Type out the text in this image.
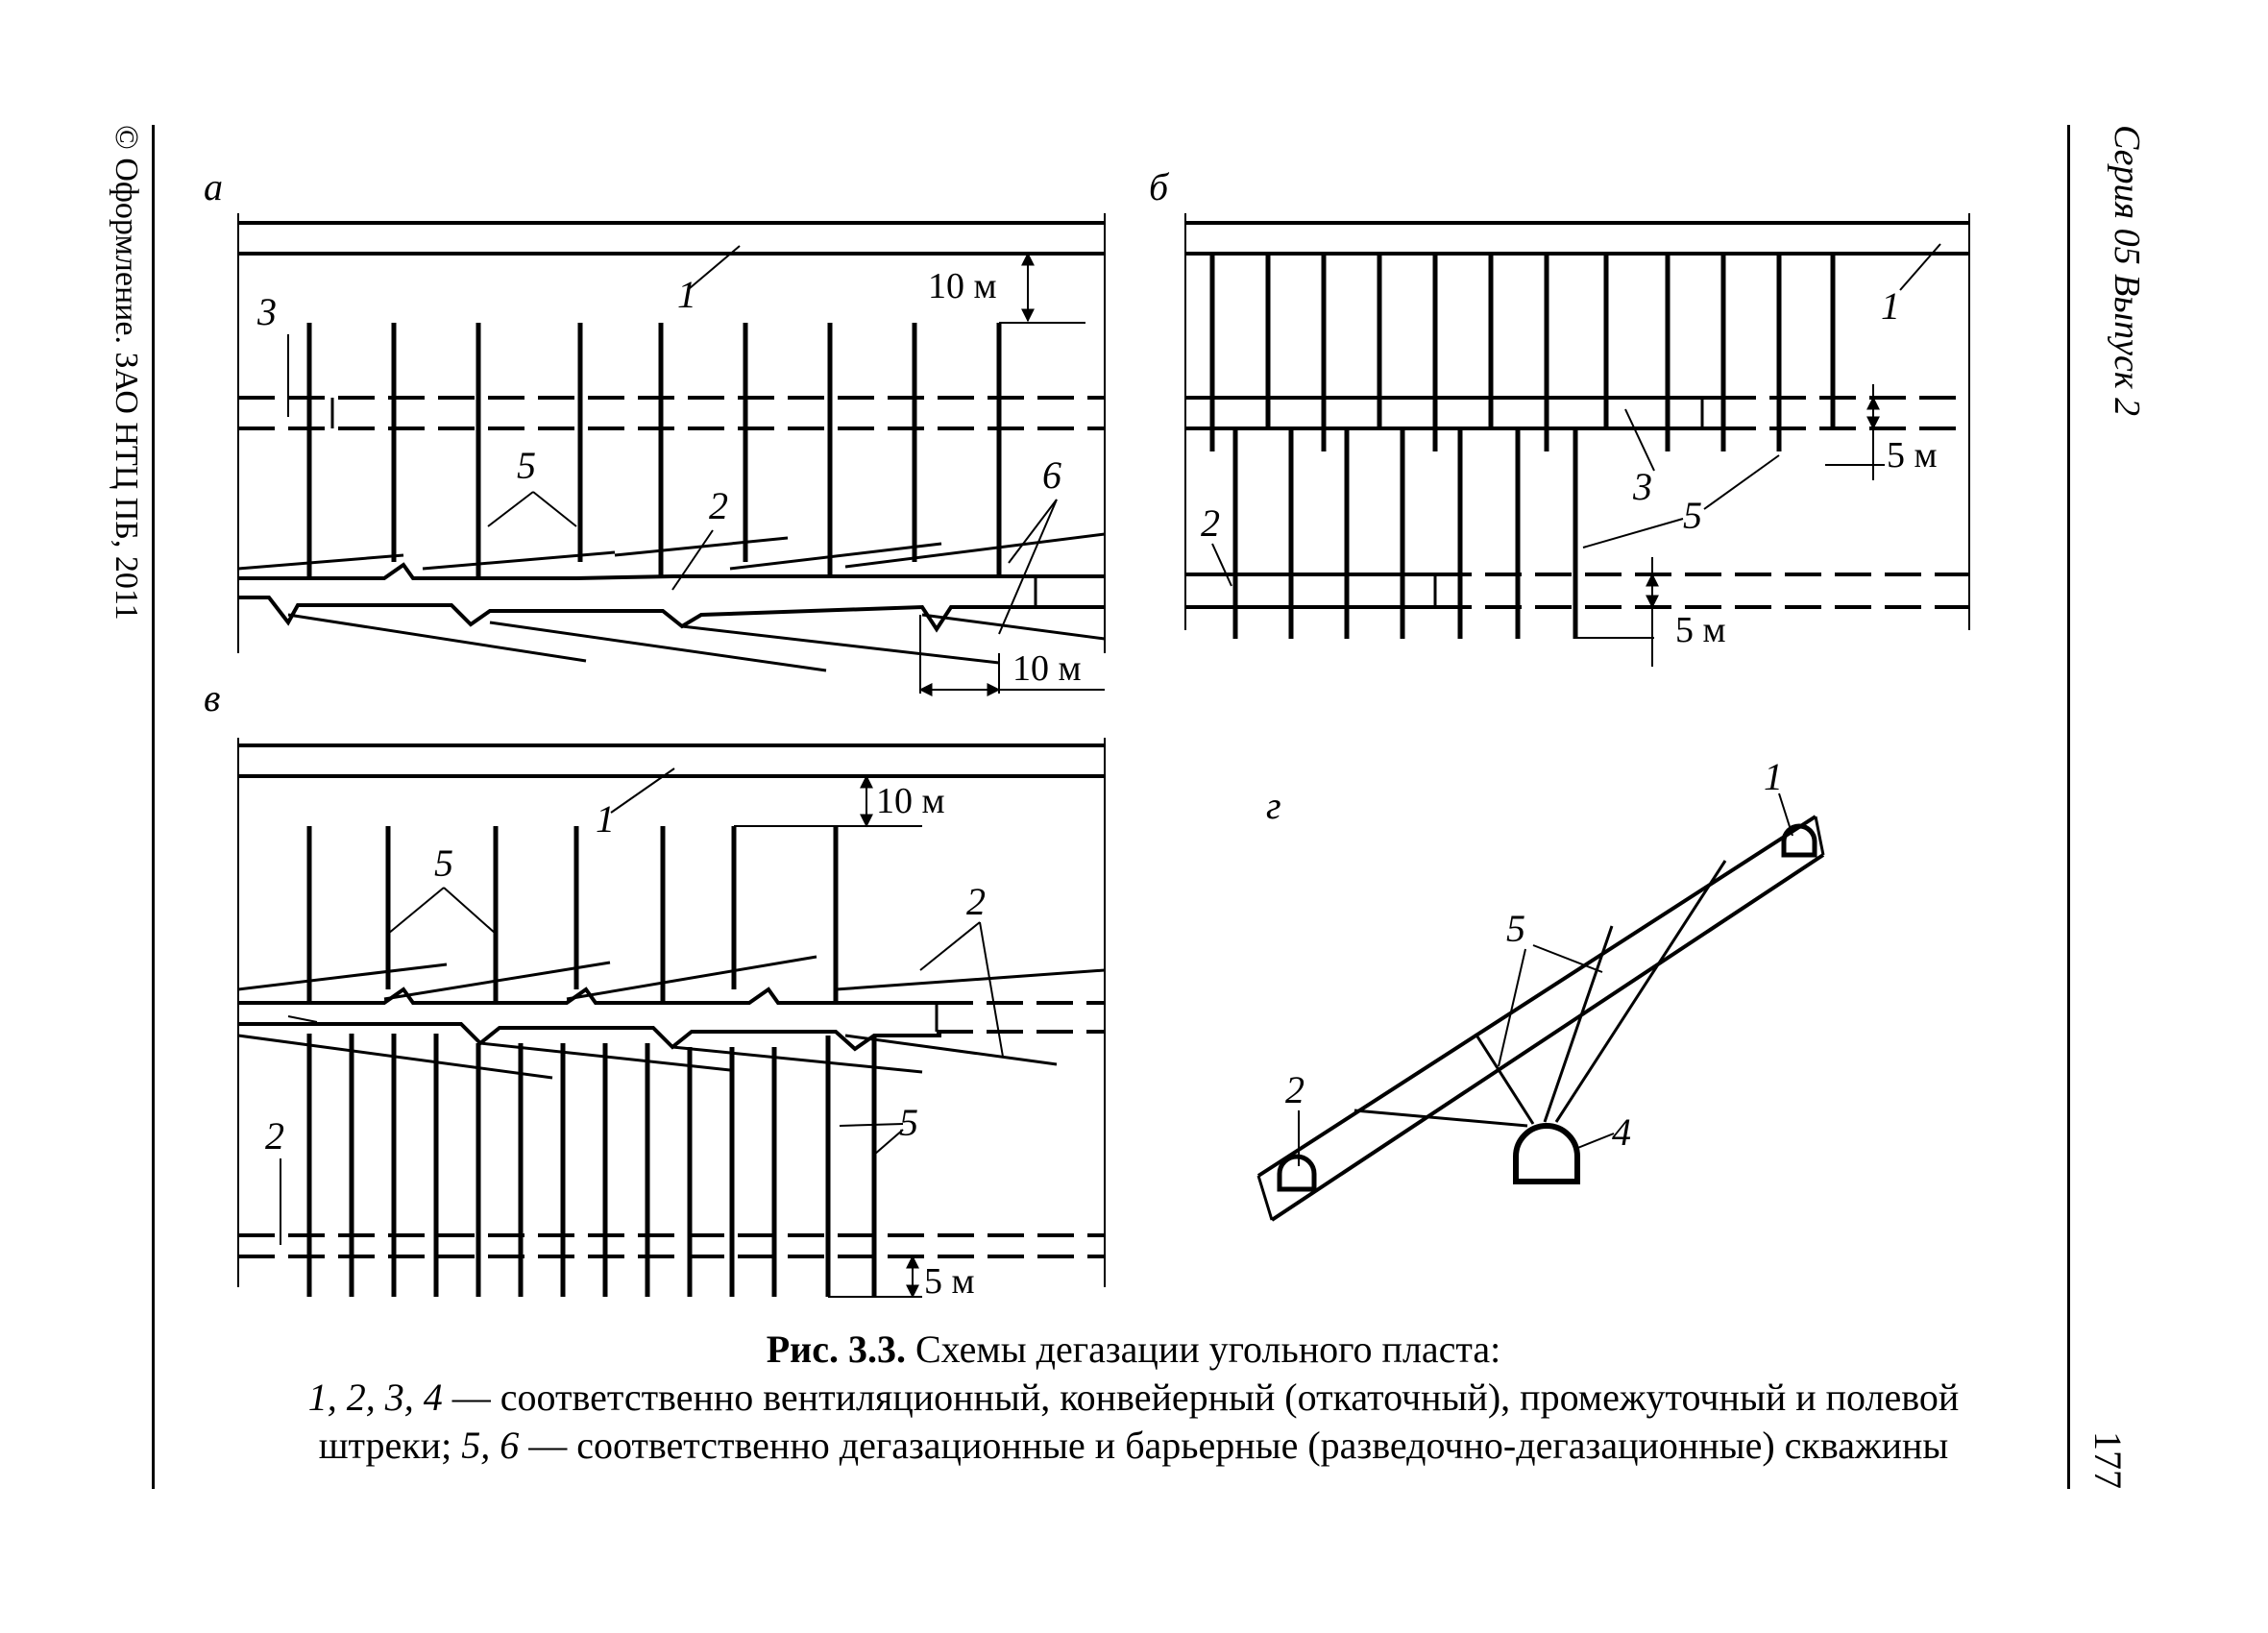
© Оформление. ЗАО НТЦ ПБ, 2011	Серия 05 Выпуск 2
177
а
10 м
10 м
1
3
5
2
6
б
5 м
5 м
1
3
5
2
в
10 м
5 м
1
5
2
2	5
г
1
2
5
4
Рис. 3.3. Схемы дегазации угольного пласта:
1, 2, 3, 4 — соответственно вентиляционный, конвейерный (откаточный), промежуточный и полевой
штреки; 5, 6 — соответственно дегазационные и барьерные (разведочно-дегазационные) скважины
